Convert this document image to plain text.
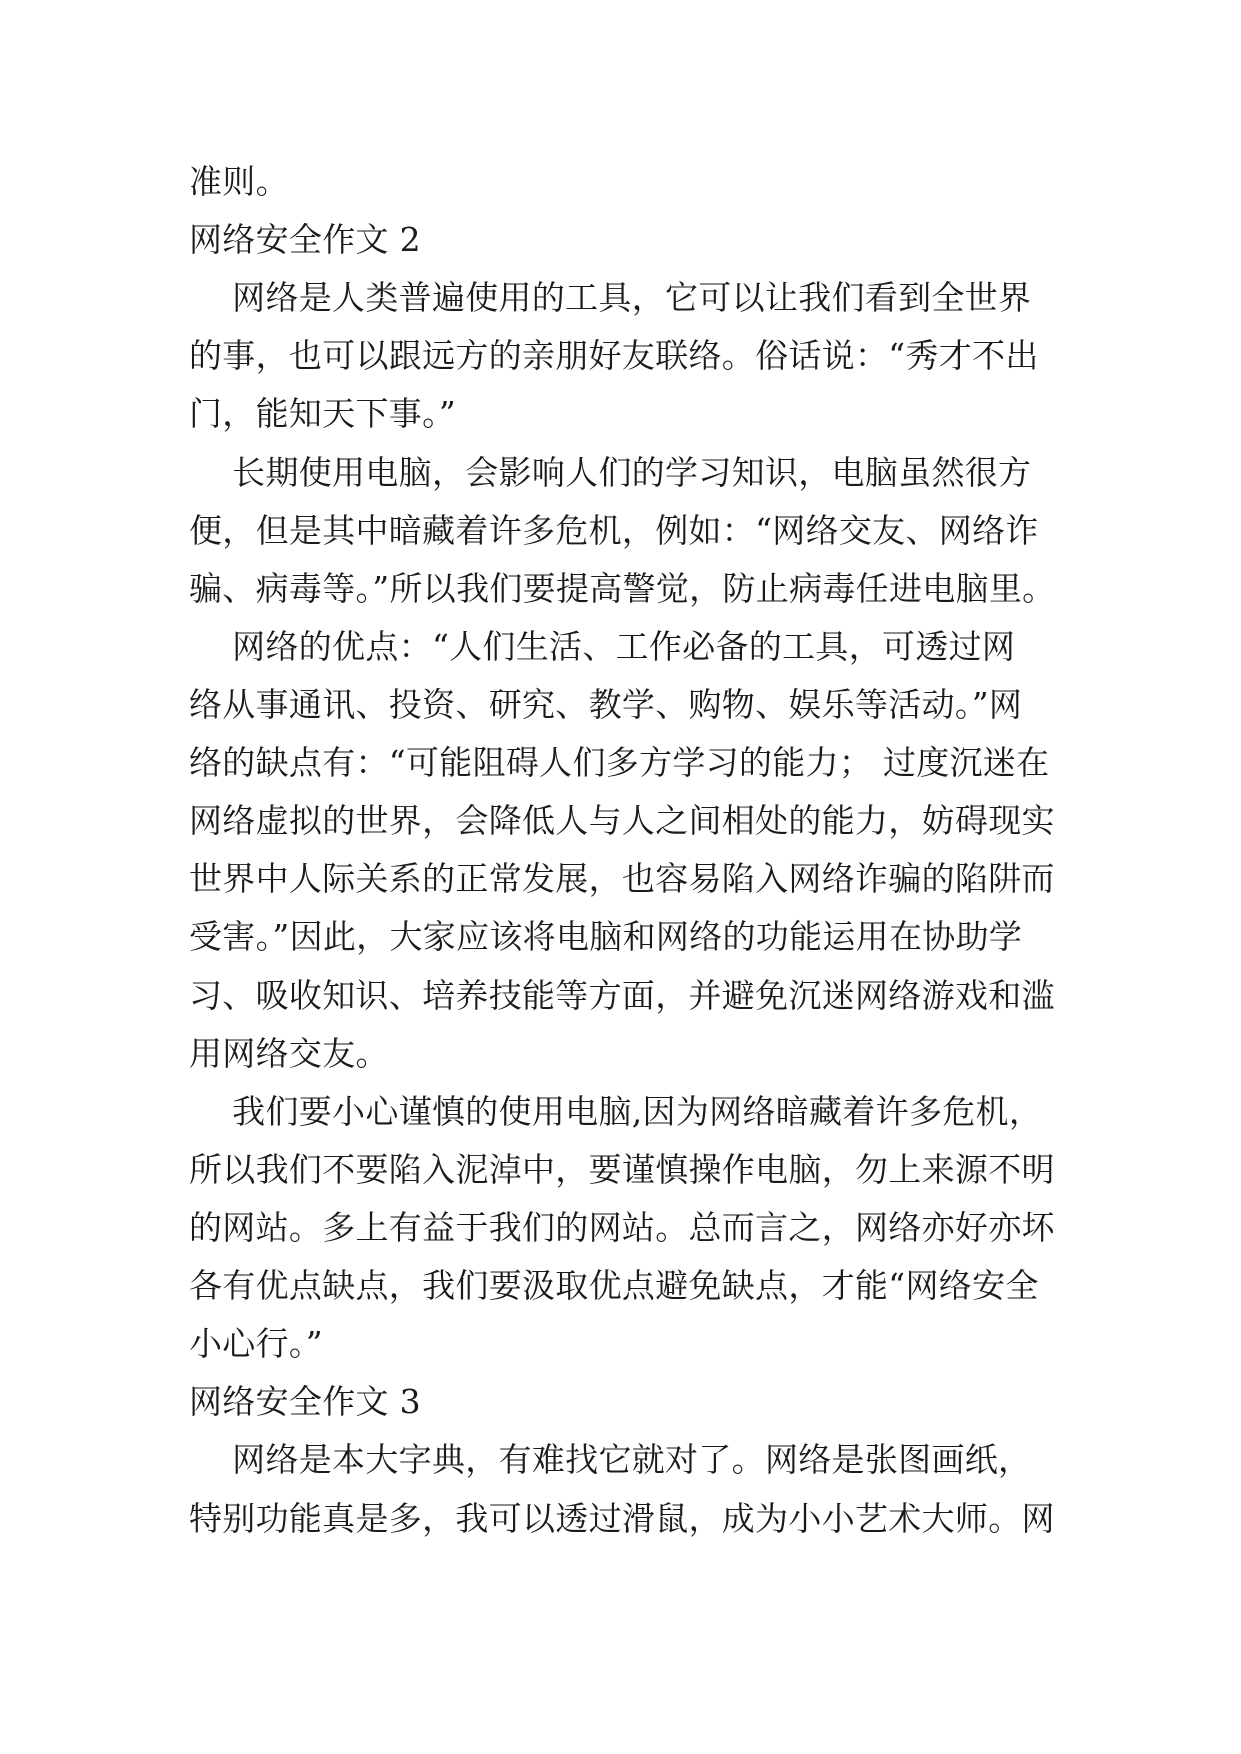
准则。
网络安全作文 2
网络是人类普遍使用的工具，它可以让我们看到全世界
的事，也可以跟远方的亲朋好友联络。俗话说：“秀才不出
门，能知天下事。”
长期使用电脑，会影响人们的学习知识，电脑虽然很方
便，但是其中暗藏着许多危机，例如：“网络交友、网络诈
骗、病毒等。”所以我们要提高警觉，防止病毒任进电脑里。
网络的优点：“人们生活、工作必备的工具，可透过网
络从事通讯、投资、研究、教学、购物、娱乐等活动。”网
络的缺点有：“可能阻碍人们多方学习的能力； 过度沉迷在
网络虚拟的世界，会降低人与人之间相处的能力，妨碍现实
世界中人际关系的正常发展，也容易陷入网络诈骗的陷阱而
受害。”因此，大家应该将电脑和网络的功能运用在协助学
习、吸收知识、培养技能等方面，并避免沉迷网络游戏和滥
用网络交友。
我们要小心谨慎的使用电脑,因为网络暗藏着许多危机，
所以我们不要陷入泥淖中，要谨慎操作电脑，勿上来源不明
的网站。多上有益于我们的网站。总而言之，网络亦好亦坏
各有优点缺点，我们要汲取优点避免缺点，才能“网络安全
小心行。”
网络安全作文 3
网络是本大字典，有难找它就对了。网络是张图画纸，
特别功能真是多，我可以透过滑鼠，成为小小艺术大师。网
